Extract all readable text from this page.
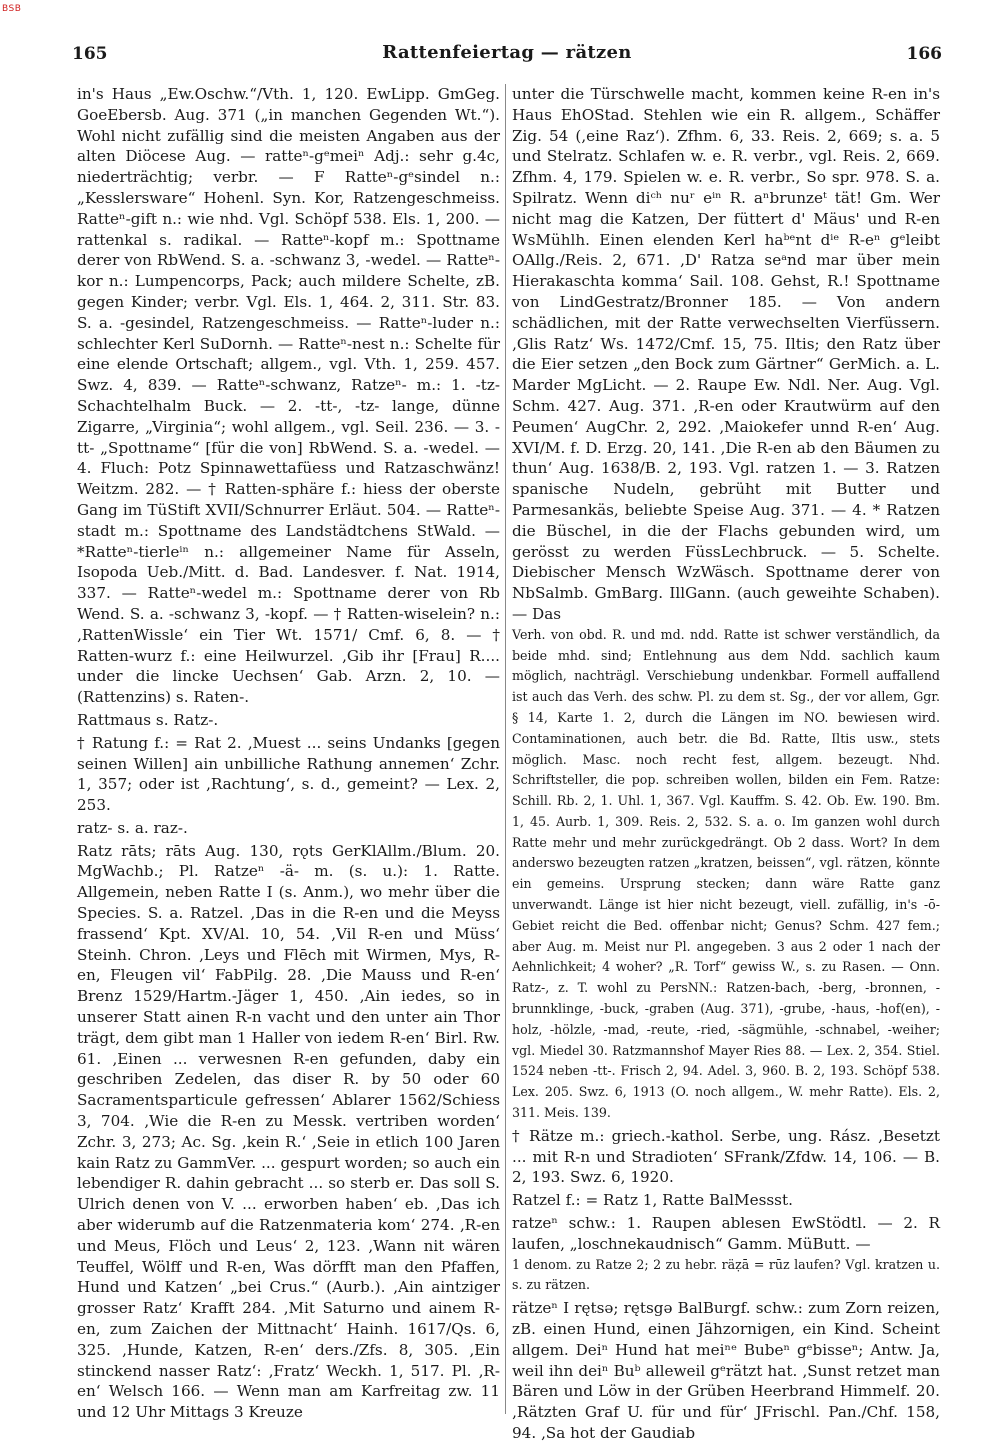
BSB
165	Rattenfeiertag — rätzen	166

in's Haus „Ew.Oschw.“/Vth. 1, 120. EwLipp. GmGeg. GoeEbersb. Aug. 371 („in manchen Gegenden Wt.“). Wohl nicht zufällig sind die meisten Angaben aus der alten Diöcese Aug. — ratteⁿ-gᵉmeiⁿ Adj.: sehr g.4c, niederträchtig; verbr. — F Ratteⁿ-gᵉsindel n.: „Kesslersware“ Hohenl. Syn. Kor, Ratzengeschmeiss. Ratteⁿ-gift n.: wie nhd. Vgl. Schöpf 538. Els. 1, 200. — rattenkal s. radikal. — Ratteⁿ-kopf m.: Spottname derer von RbWend. S. a. -schwanz 3, -wedel. — Ratteⁿ-kor n.: Lumpencorps, Pack; auch mildere Schelte, zB. gegen Kinder; verbr. Vgl. Els. 1, 464. 2, 311. Str. 83. S. a. -gesindel, Ratzengeschmeiss. — Ratteⁿ-luder n.: schlechter Kerl SuDornh. — Ratteⁿ-nest n.: Schelte für eine elende Ortschaft; allgem., vgl. Vth. 1, 259. 457. Swz. 4, 839. — Ratteⁿ-schwanz, Ratzeⁿ- m.: 1. -tz- Schachtelhalm Buck. — 2. -tt-, -tz- lange, dünne Zigarre, „Virginia“; wohl allgem., vgl. Seil. 236. — 3. -tt- „Spottname“ [für die von] RbWend. S. a. -wedel. — 4. Fluch: Potz Spinnawettafüess und Ratzaschwänz! Weitzm. 282. — † Ratten-sphäre f.: hiess der oberste Gang im TüStift XVII/Schnurrer Erläut. 504. — Ratteⁿ-stadt m.: Spottname des Landstädtchens StWald. — *Ratteⁿ-tierleⁱⁿ n.: allgemeiner Name für Asseln, Isopoda Ueb./Mitt. d. Bad. Landesver. f. Nat. 1914, 337. — Ratteⁿ-wedel m.: Spottname derer von Rb Wend. S. a. -schwanz 3, -kopf. — † Ratten-wiselein? n.: ‚RattenWissle‘ ein Tier Wt. 1571/ Cmf. 6, 8. — † Ratten-wurz f.: eine Heilwurzel. ‚Gib ihr [Frau] R.... under die lincke Uechsen‘ Gab. Arzn. 2, 10. — (Rattenzins) s. Raten-.

Rattmaus s. Ratz-.

† Ratung f.: = Rat 2. ‚Muest ... seins Undanks [gegen seinen Willen] ain unbilliche Rathung annemen‘ Zchr. 1, 357; oder ist ‚Rachtung‘, s. d., gemeint? — Lex. 2, 253.

ratz- s. a. raz-.

Ratz rāts; rāts Aug. 130, rǫts GerKlAllm./Blum. 20. MgWachb.; Pl. Ratzeⁿ -ä- m. (s. u.): 1. Ratte. Allgemein, neben Ratte I (s. Anm.), wo mehr über die Species. S. a. Ratzel. ‚Das in die R-en und die Meyss frassend‘ Kpt. XV/Al. 10, 54. ‚Vil R-en und Müss‘ Steinh. Chron. ‚Leys und Flēch mit Wirmen, Mys, R-en, Fleugen vil‘ FabPilg. 28. ‚Die Mauss und R-en‘ Brenz 1529/Hartm.-Jäger 1, 450. ‚Ain iedes, so in unserer Statt ainen R-n vacht und den unter ain Thor trägt, dem gibt man 1 Haller von iedem R-en‘ Birl. Rw. 61. ‚Einen ... verwesnen R-en gefunden, daby ein geschriben Zedelen, das diser R. by 50 oder 60 Sacramentsparticule gefressen‘ Ablarer 1562/Schiess 3, 704. ‚Wie die R-en zu Messk. vertriben worden‘ Zchr. 3, 273; Ac. Sg. ‚kein R.‘ ‚Seie in etlich 100 Jaren kain Ratz zu GammVer. ... gespurt worden; so auch ein lebendiger R. dahin gebracht ... so sterb er. Das soll S. Ulrich denen von V. ... erworben haben‘ eb. ‚Das ich aber widerumb auf die Ratzenmateria kom‘ 274. ‚R-en und Meus, Flöch und Leus‘ 2, 123. ‚Wann nit wären Teuffel, Wölff und R-en, Was dörfft man den Pfaffen, Hund und Katzen‘ „bei Crus.“ (Aurb.). ‚Ain aintziger grosser Ratz‘ Krafft 284. ‚Mit Saturno und ainem R-en, zum Zaichen der Mittnacht‘ Hainh. 1617/Qs. 6, 325. ‚Hunde, Katzen, R-en‘ ders./Zfs. 8, 305. ‚Ein stinckend nasser Ratz‘: ‚Fratz‘ Weckh. 1, 517. Pl. ‚R-en‘ Welsch 166. — Wenn man am Karfreitag zw. 11 und 12 Uhr Mittags 3 Kreuze

unter die Türschwelle macht, kommen keine R-en in's Haus EhOStad. Stehlen wie ein R. allgem., Schäffer Zig. 54 (‚eine Raz‘). Zfhm. 6, 33. Reis. 2, 669; s. a. 5 und Stelratz. Schlafen w. e. R. verbr., vgl. Reis. 2, 669. Zfhm. 4, 179. Spielen w. e. R. verbr., So spr. 978. S. a. Spilratz. Wenn diᶜʰ nuʳ eⁱⁿ R. aⁿbrunzeᵗ tät! Gm. Wer nicht mag die Katzen, Der füttert d' Mäus' und R-en WsMühlh. Einen elenden Kerl haᵇᵉnt dⁱᵉ R-eⁿ gᵉleibt OAllg./Reis. 2, 671. ‚D' Ratza seᵃnd mar über mein Hierakaschta komma‘ Sail. 108. Gehst, R.! Spottname von LindGestratz/Bronner 185. — Von andern schädlichen, mit der Ratte verwechselten Vierfüssern. ‚Glis Ratz‘ Ws. 1472/Cmf. 15, 75. Iltis; den Ratz über die Eier setzen „den Bock zum Gärtner“ GerMich. a. L. Marder MgLicht. — 2. Raupe Ew. Ndl. Ner. Aug. Vgl. Schm. 427. Aug. 371. ‚R-en oder Krautwürm auf den Peumen‘ AugChr. 2, 292. ‚Maiokefer unnd R-en‘ Aug. XVI/M. f. D. Erzg. 20, 141. ‚Die R-en ab den Bäumen zu thun‘ Aug. 1638/B. 2, 193. Vgl. ratzen 1. — 3. Ratzen spanische Nudeln, gebrüht mit Butter und Parmesankäs, beliebte Speise Aug. 371. — 4. * Ratzen die Büschel, in die der Flachs gebunden wird, um gerösst zu werden FüssLechbruck. — 5. Schelte. Diebischer Mensch WzWäsch. Spottname derer von NbSalmb. GmBarg. IllGann. (auch geweihte Schaben). — Das

Verh. von obd. R. und md. ndd. Ratte ist schwer verständlich, da beide mhd. sind; Entlehnung aus dem Ndd. sachlich kaum möglich, nachträgl. Verschiebung undenkbar. Formell auffallend ist auch das Verh. des schw. Pl. zu dem st. Sg., der vor allem, Ggr. § 14, Karte 1. 2, durch die Längen im NO. bewiesen wird. Contaminationen, auch betr. die Bd. Ratte, Iltis usw., stets möglich. Masc. noch recht fest, allgem. bezeugt. Nhd. Schriftsteller, die pop. schreiben wollen, bilden ein Fem. Ratze: Schill. Rb. 2, 1. Uhl. 1, 367. Vgl. Kauffm. S. 42. Ob. Ew. 190. Bm. 1, 45. Aurb. 1, 309. Reis. 2, 532. S. a. o. Im ganzen wohl durch Ratte mehr und mehr zurückgedrängt. Ob 2 dass. Wort? In dem anderswo bezeugten ratzen „kratzen, beissen“, vgl. rätzen, könnte ein gemeins. Ursprung stecken; dann wäre Ratte ganz unverwandt. Länge ist hier nicht bezeugt, viell. zufällig, in's -ō-Gebiet reicht die Bed. offenbar nicht; Genus? Schm. 427 fem.; aber Aug. m. Meist nur Pl. angegeben. 3 aus 2 oder 1 nach der Aehnlichkeit; 4 woher? „R. Torf“ gewiss W., s. zu Rasen. — Onn. Ratz-, z. T. wohl zu PersNN.: Ratzen-bach, -berg, -bronnen, -brunnklinge, -buck, -graben (Aug. 371), -grube, -haus, -hof(en), -holz, -hölzle, -mad, -reute, -ried, -sägmühle, -schnabel, -weiher; vgl. Miedel 30. Ratzmannshof Mayer Ries 88. — Lex. 2, 354. Stiel. 1524 neben -tt-. Frisch 2, 94. Adel. 3, 960. B. 2, 193. Schöpf 538. Lex. 205. Swz. 6, 1913 (O. noch allgem., W. mehr Ratte). Els. 2, 311. Meis. 139.

† Rätze m.: griech.-kathol. Serbe, ung. Rász. ‚Besetzt ... mit R-n und Stradioten‘ SFrank/Zfdw. 14, 106. — B. 2, 193. Swz. 6, 1920.

Ratzel f.: = Ratz 1, Ratte BalMessst.

ratzeⁿ schw.: 1. Raupen ablesen EwStödtl. — 2. R laufen, „loschnekaudnisch“ Gamm. MüButt. —

1 denom. zu Ratze 2; 2 zu hebr. räẓā = rūz laufen? Vgl. kratzen u. s. zu rätzen.

rätzeⁿ I rętsə; rętsgə BalBurgf. schw.: zum Zorn reizen, zB. einen Hund, einen Jähzornigen, ein Kind. Scheint allgem. Deiⁿ Hund hat meiⁿᵉ Bubeⁿ gᵉbisseⁿ; Antw. Ja, weil ihn deiⁿ Buᵇ alleweil gᵉrätzt hat. ‚Sunst retzet man Bären und Löw in der Grüben Heerbrand Himmelf. 20. ‚Rätzten Graf U. für und für‘ JFrischl. Pan./Chf. 158, 94. ‚Sa hot der Gaudiab
